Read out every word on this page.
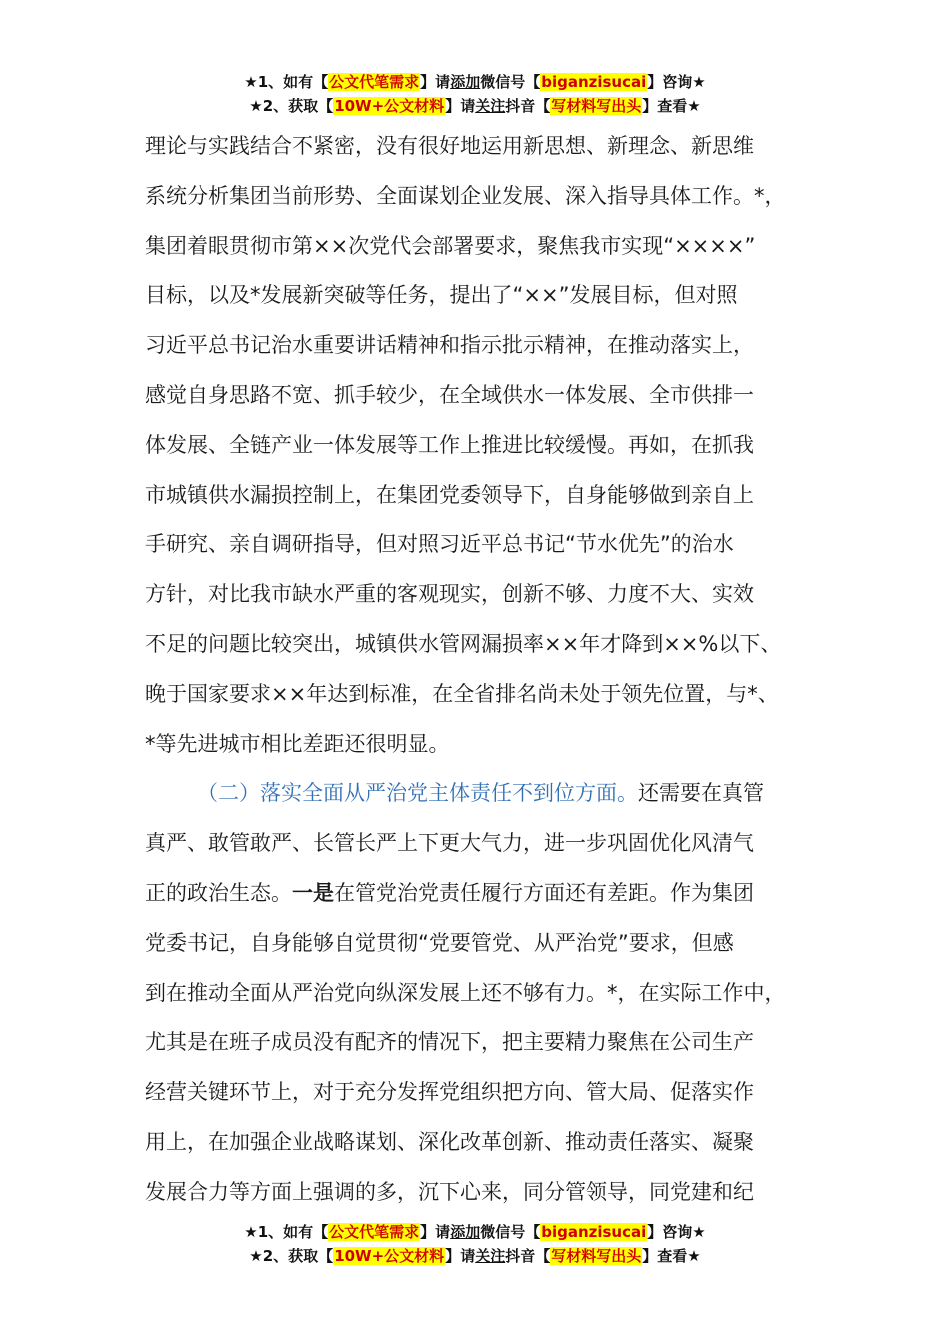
★1、如有【公文代笔需求】请添加微信号【biganzisucai】咨询★
★2、获取【10W+公文材料】请关注抖音【写材料写出头】查看★
理论与实践结合不紧密，没有很好地运用新思想、新理念、新思维
系统分析集团当前形势、全面谋划企业发展、深入指导具体工作。*，
集团着眼贯彻市第××次党代会部署要求，聚焦我市实现“××××”
目标，以及*发展新突破等任务，提出了“××”发展目标，但对照
习近平总书记治水重要讲话精神和指示批示精神，在推动落实上，
感觉自身思路不宽、抓手较少，在全域供水一体发展、全市供排一
体发展、全链产业一体发展等工作上推进比较缓慢。再如，在抓我
市城镇供水漏损控制上，在集团党委领导下，自身能够做到亲自上
手研究、亲自调研指导，但对照习近平总书记“节水优先”的治水
方针，对比我市缺水严重的客观现实，创新不够、力度不大、实效
不足的问题比较突出，城镇供水管网漏损率××年才降到××%以下、
晚于国家要求××年达到标准，在全省排名尚未处于领先位置，与*、
*等先进城市相比差距还很明显。
（二）落实全面从严治党主体责任不到位方面。还需要在真管
真严、敢管敢严、长管长严上下更大气力，进一步巩固优化风清气
正的政治生态。一是在管党治党责任履行方面还有差距。作为集团
党委书记，自身能够自觉贯彻“党要管党、从严治党”要求，但感
到在推动全面从严治党向纵深发展上还不够有力。*，在实际工作中，
尤其是在班子成员没有配齐的情况下，把主要精力聚焦在公司生产
经营关键环节上，对于充分发挥党组织把方向、管大局、促落实作
用上，在加强企业战略谋划、深化改革创新、推动责任落实、凝聚
发展合力等方面上强调的多，沉下心来，同分管领导，同党建和纪
★1、如有【公文代笔需求】请添加微信号【biganzisucai】咨询★
★2、获取【10W+公文材料】请关注抖音【写材料写出头】查看★
